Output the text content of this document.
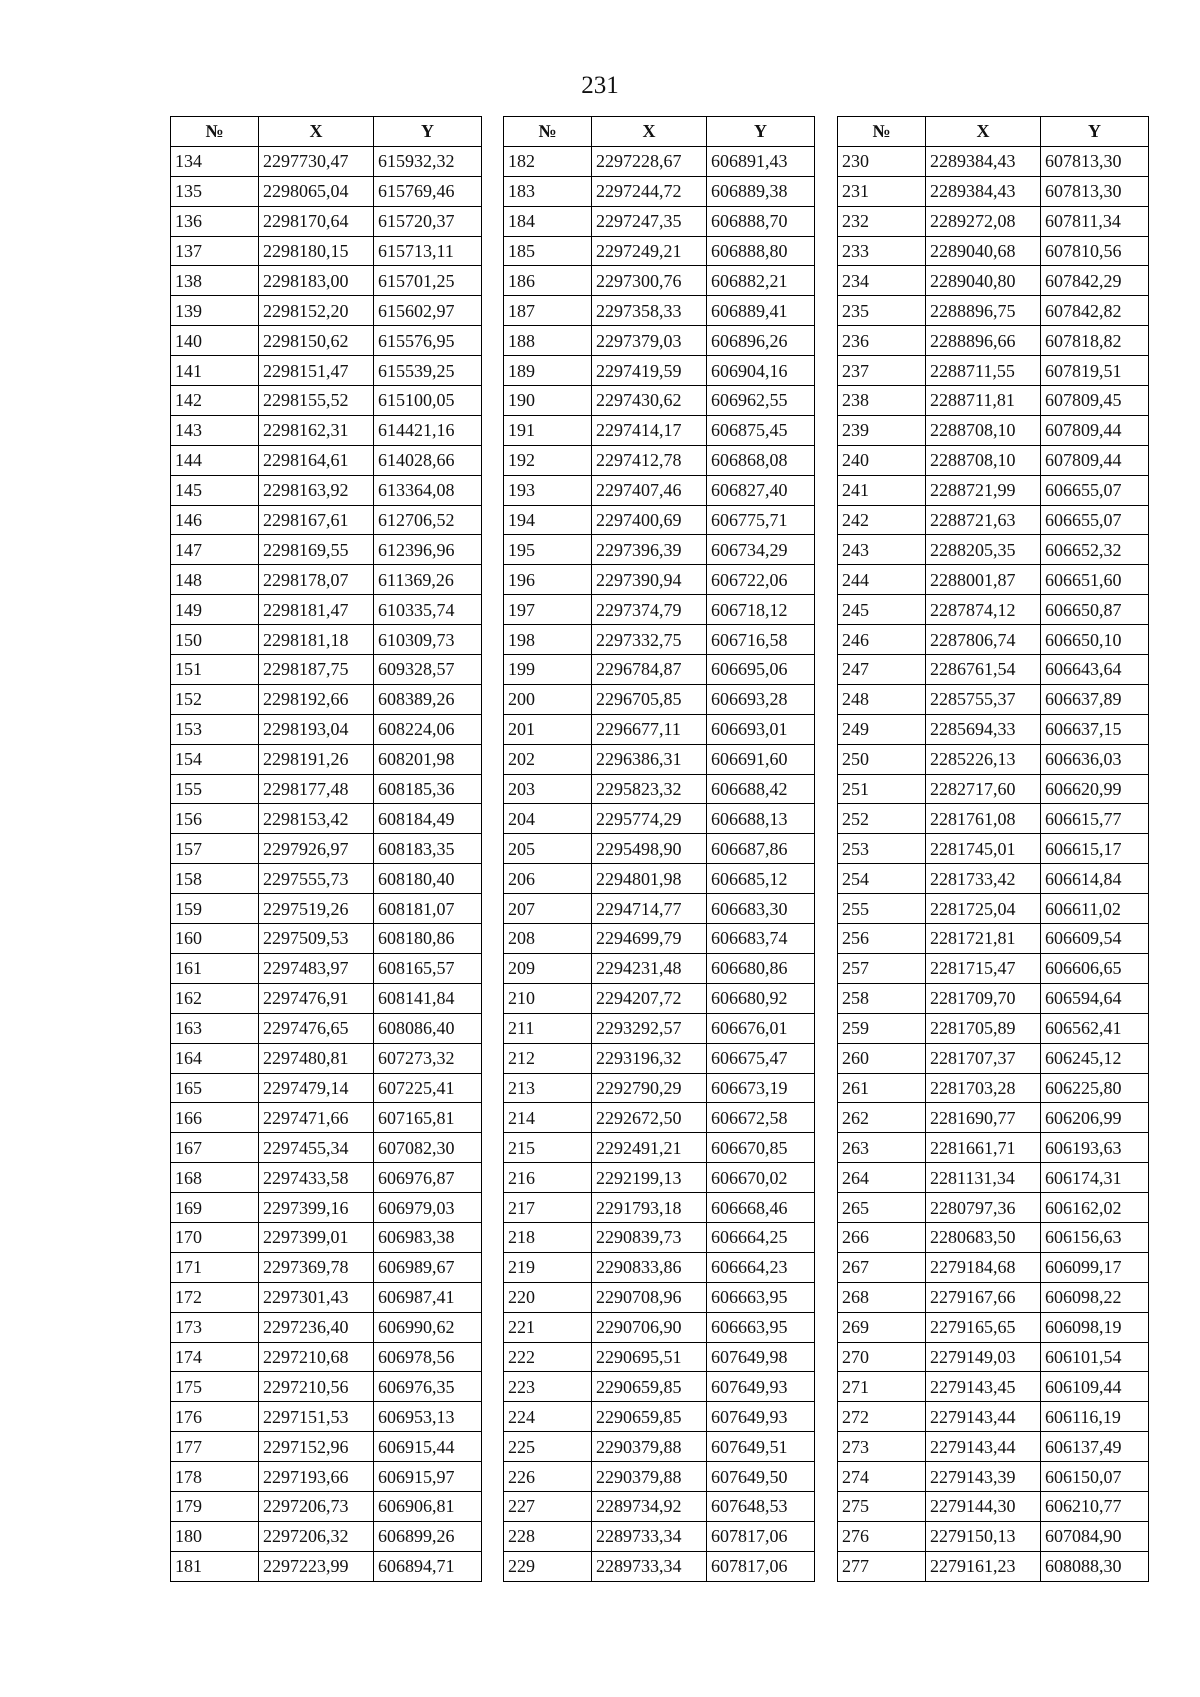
231
№	X	Y
134	2297730,47	615932,32
135	2298065,04	615769,46
136	2298170,64	615720,37
137	2298180,15	615713,11
138	2298183,00	615701,25
139	2298152,20	615602,97
140	2298150,62	615576,95
141	2298151,47	615539,25
142	2298155,52	615100,05
143	2298162,31	614421,16
144	2298164,61	614028,66
145	2298163,92	613364,08
146	2298167,61	612706,52
147	2298169,55	612396,96
148	2298178,07	611369,26
149	2298181,47	610335,74
150	2298181,18	610309,73
151	2298187,75	609328,57
152	2298192,66	608389,26
153	2298193,04	608224,06
154	2298191,26	608201,98
155	2298177,48	608185,36
156	2298153,42	608184,49
157	2297926,97	608183,35
158	2297555,73	608180,40
159	2297519,26	608181,07
160	2297509,53	608180,86
161	2297483,97	608165,57
162	2297476,91	608141,84
163	2297476,65	608086,40
164	2297480,81	607273,32
165	2297479,14	607225,41
166	2297471,66	607165,81
167	2297455,34	607082,30
168	2297433,58	606976,87
169	2297399,16	606979,03
170	2297399,01	606983,38
171	2297369,78	606989,67
172	2297301,43	606987,41
173	2297236,40	606990,62
174	2297210,68	606978,56
175	2297210,56	606976,35
176	2297151,53	606953,13
177	2297152,96	606915,44
178	2297193,66	606915,97
179	2297206,73	606906,81
180	2297206,32	606899,26
181	2297223,99	606894,71
№	X	Y
182	2297228,67	606891,43
183	2297244,72	606889,38
184	2297247,35	606888,70
185	2297249,21	606888,80
186	2297300,76	606882,21
187	2297358,33	606889,41
188	2297379,03	606896,26
189	2297419,59	606904,16
190	2297430,62	606962,55
191	2297414,17	606875,45
192	2297412,78	606868,08
193	2297407,46	606827,40
194	2297400,69	606775,71
195	2297396,39	606734,29
196	2297390,94	606722,06
197	2297374,79	606718,12
198	2297332,75	606716,58
199	2296784,87	606695,06
200	2296705,85	606693,28
201	2296677,11	606693,01
202	2296386,31	606691,60
203	2295823,32	606688,42
204	2295774,29	606688,13
205	2295498,90	606687,86
206	2294801,98	606685,12
207	2294714,77	606683,30
208	2294699,79	606683,74
209	2294231,48	606680,86
210	2294207,72	606680,92
211	2293292,57	606676,01
212	2293196,32	606675,47
213	2292790,29	606673,19
214	2292672,50	606672,58
215	2292491,21	606670,85
216	2292199,13	606670,02
217	2291793,18	606668,46
218	2290839,73	606664,25
219	2290833,86	606664,23
220	2290708,96	606663,95
221	2290706,90	606663,95
222	2290695,51	607649,98
223	2290659,85	607649,93
224	2290659,85	607649,93
225	2290379,88	607649,51
226	2290379,88	607649,50
227	2289734,92	607648,53
228	2289733,34	607817,06
229	2289733,34	607817,06
№	X	Y
230	2289384,43	607813,30
231	2289384,43	607813,30
232	2289272,08	607811,34
233	2289040,68	607810,56
234	2289040,80	607842,29
235	2288896,75	607842,82
236	2288896,66	607818,82
237	2288711,55	607819,51
238	2288711,81	607809,45
239	2288708,10	607809,44
240	2288708,10	607809,44
241	2288721,99	606655,07
242	2288721,63	606655,07
243	2288205,35	606652,32
244	2288001,87	606651,60
245	2287874,12	606650,87
246	2287806,74	606650,10
247	2286761,54	606643,64
248	2285755,37	606637,89
249	2285694,33	606637,15
250	2285226,13	606636,03
251	2282717,60	606620,99
252	2281761,08	606615,77
253	2281745,01	606615,17
254	2281733,42	606614,84
255	2281725,04	606611,02
256	2281721,81	606609,54
257	2281715,47	606606,65
258	2281709,70	606594,64
259	2281705,89	606562,41
260	2281707,37	606245,12
261	2281703,28	606225,80
262	2281690,77	606206,99
263	2281661,71	606193,63
264	2281131,34	606174,31
265	2280797,36	606162,02
266	2280683,50	606156,63
267	2279184,68	606099,17
268	2279167,66	606098,22
269	2279165,65	606098,19
270	2279149,03	606101,54
271	2279143,45	606109,44
272	2279143,44	606116,19
273	2279143,44	606137,49
274	2279143,39	606150,07
275	2279144,30	606210,77
276	2279150,13	607084,90
277	2279161,23	608088,30
